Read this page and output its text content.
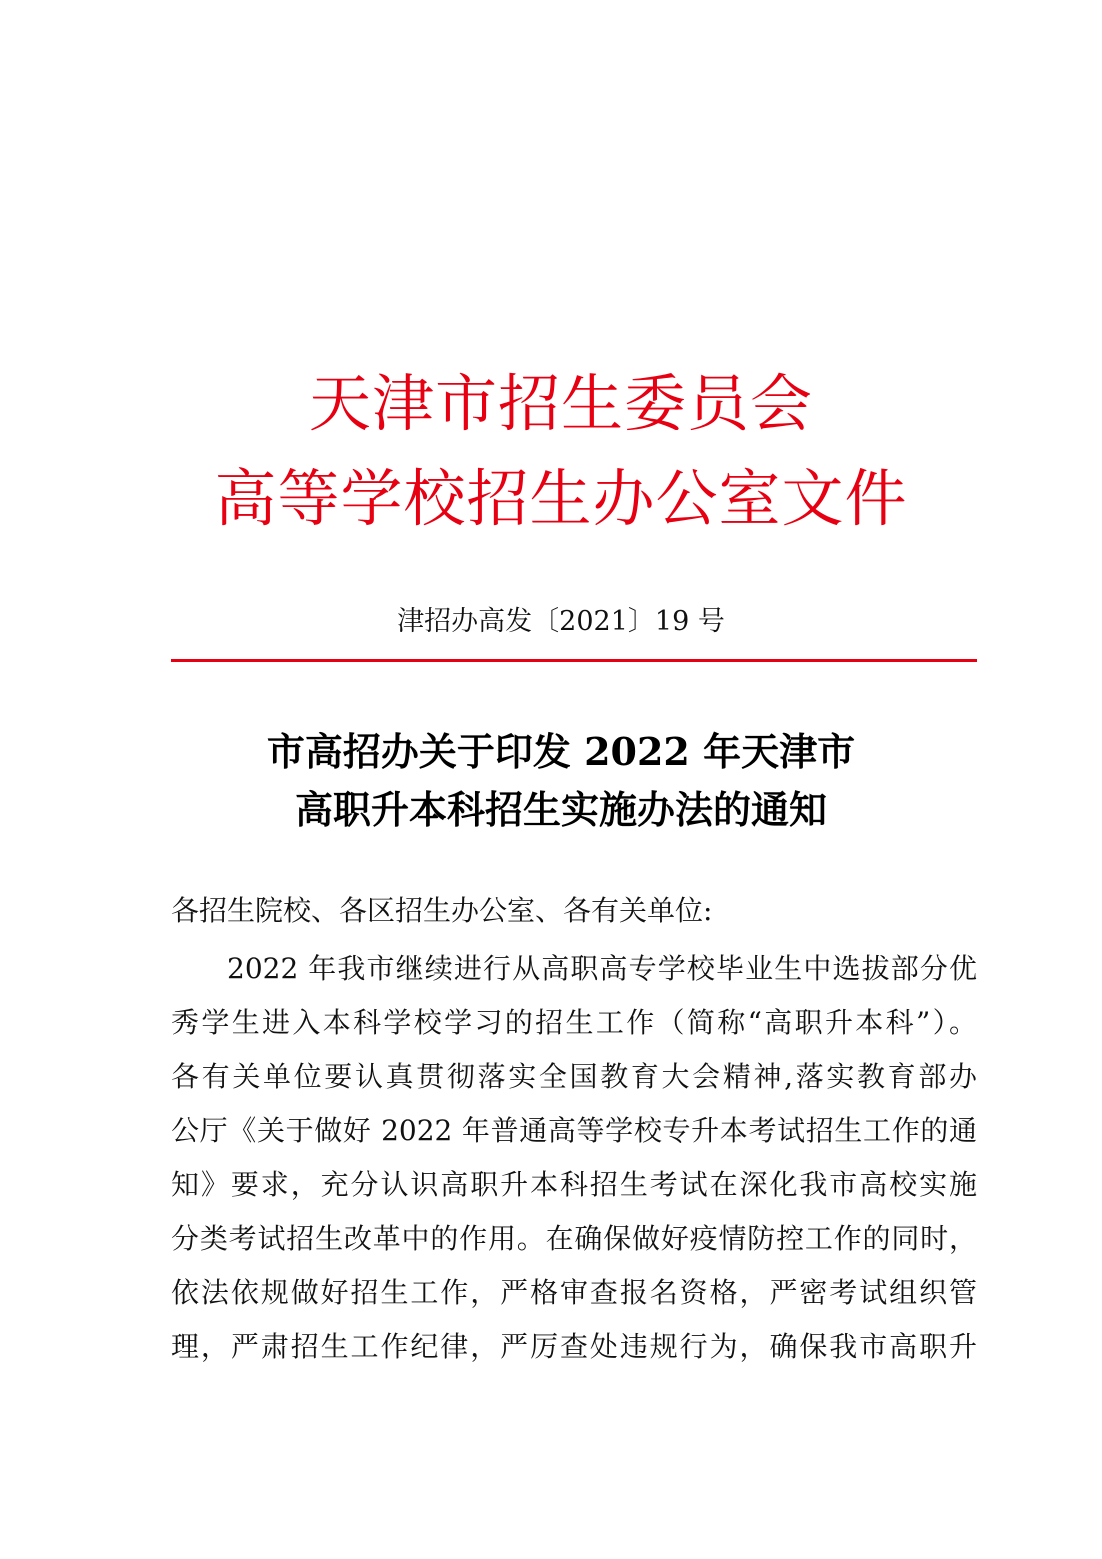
天津市招生委员会
高等学校招生办公室文件
津招办高发〔2021〕19 号
市高招办关于印发 2022 年天津市
高职升本科招生实施办法的通知
各招生院校、各区招生办公室、各有关单位:
2022 年我市继续进行从高职高专学校毕业生中选拔部分优
秀学生进入本科学校学习的招生工作（简称“高职升本科”）。
各有关单位要认真贯彻落实全国教育大会精神,落实教育部办
公厅《关于做好 2022 年普通高等学校专升本考试招生工作的通
知》要求，充分认识高职升本科招生考试在深化我市高校实施
分类考试招生改革中的作用。在确保做好疫情防控工作的同时，
依法依规做好招生工作，严格审查报名资格，严密考试组织管
理，严肃招生工作纪律，严厉查处违规行为，确保我市高职升
